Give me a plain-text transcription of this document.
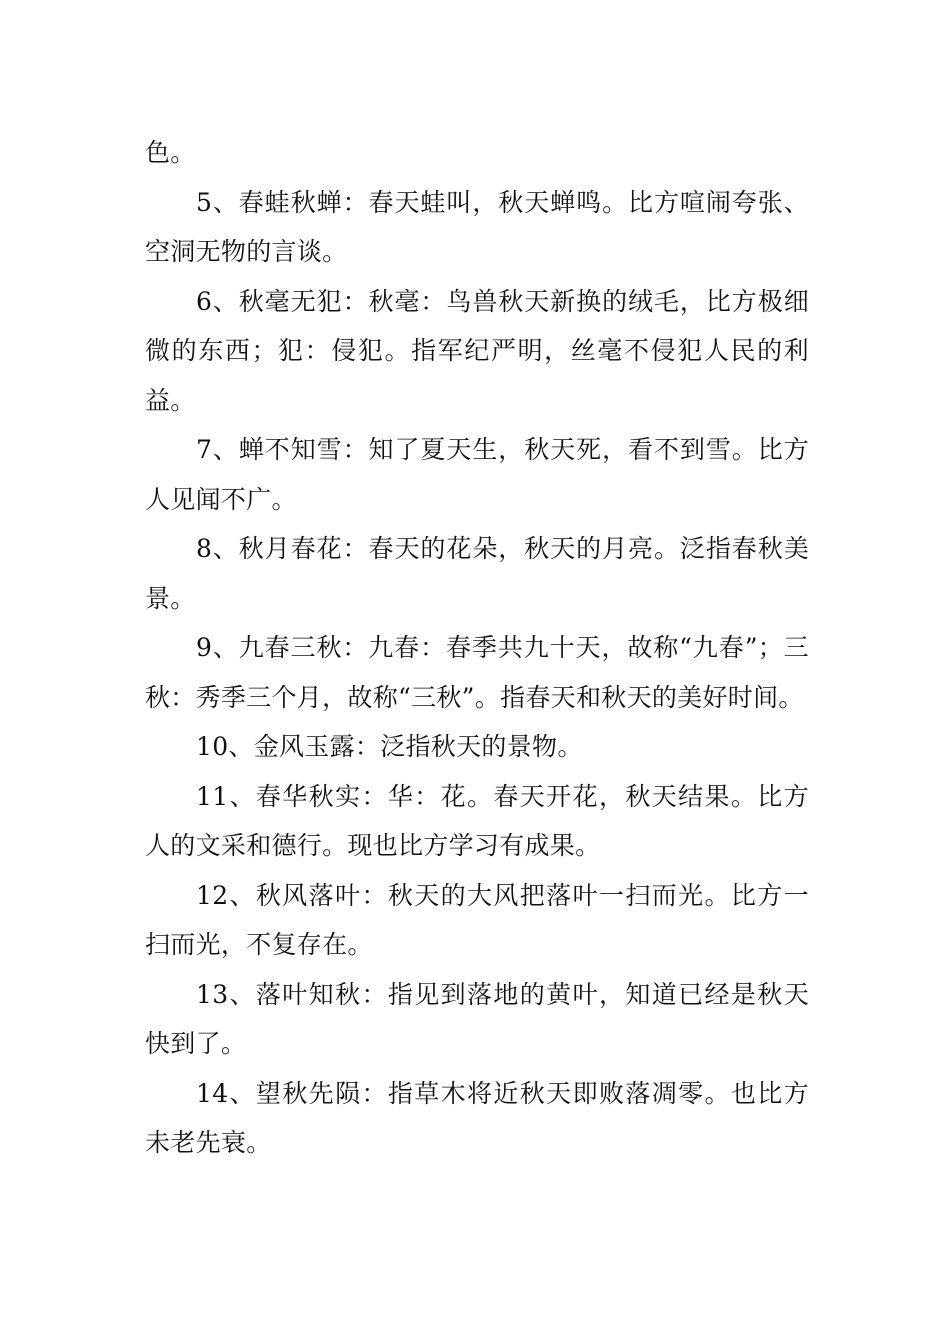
色。

5、春蛙秋蝉：春天蛙叫，秋天蝉鸣。比方喧闹夸张、空洞无物的言谈。

6、秋毫无犯：秋毫：鸟兽秋天新换的绒毛，比方极细微的东西；犯：侵犯。指军纪严明，丝毫不侵犯人民的利益。

7、蝉不知雪：知了夏天生，秋天死，看不到雪。比方人见闻不广。

8、秋月春花：春天的花朵，秋天的月亮。泛指春秋美景。

9、九春三秋：九春：春季共九十天，故称“九春”；三秋：秀季三个月，故称“三秋”。指春天和秋天的美好时间。

10、金风玉露：泛指秋天的景物。

11、春华秋实：华：花。春天开花，秋天结果。比方人的文采和德行。现也比方学习有成果。

12、秋风落叶：秋天的大风把落叶一扫而光。比方一扫而光，不复存在。

13、落叶知秋：指见到落地的黄叶，知道已经是秋天快到了。

14、望秋先陨：指草木将近秋天即败落凋零。也比方未老先衰。
